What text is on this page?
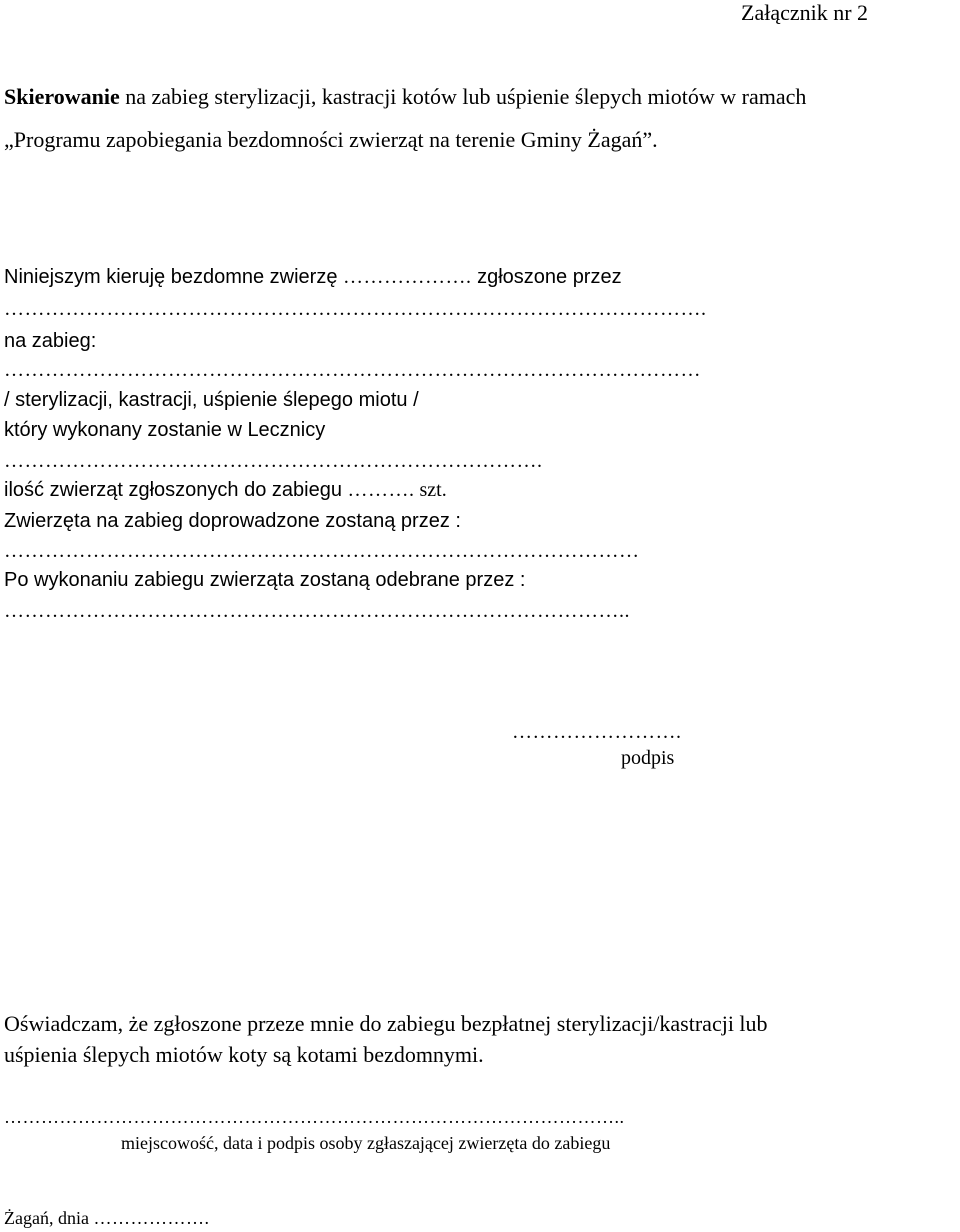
Załącznik nr 2
Skierowanie na zabieg sterylizacji, kastracji kotów lub uśpienie ślepych miotów w ramach
„Programu zapobiegania bezdomności zwierząt na terenie Gminy Żagań”.
Niniejszym kieruję bezdomne zwierzę ………………. zgłoszone przez
………………………………………………………………………………………….
na zabieg:
…………………………………………………………………………………………
/ sterylizacji, kastracji, uśpienie ślepego miotu /
który wykonany zostanie w Lecznicy
…………………………………………………………………….
ilość zwierząt zgłoszonych do zabiegu ………. szt.
Zwierzęta na zabieg doprowadzone zostaną przez :
…………………………………………………………………………………
Po wykonaniu zabiegu zwierząta zostaną odebrane przez :
………………………………………………………………………………..
…………………….
podpis
Oświadczam, że zgłoszone przeze mnie do zabiegu bezpłatnej sterylizacji/kastracji lub
uśpienia ślepych miotów koty są kotami bezdomnymi.
………………………………………………………………………………………..
miejscowość, data i podpis osoby zgłaszającej zwierzęta do zabiegu
Żagań, dnia ……………….
